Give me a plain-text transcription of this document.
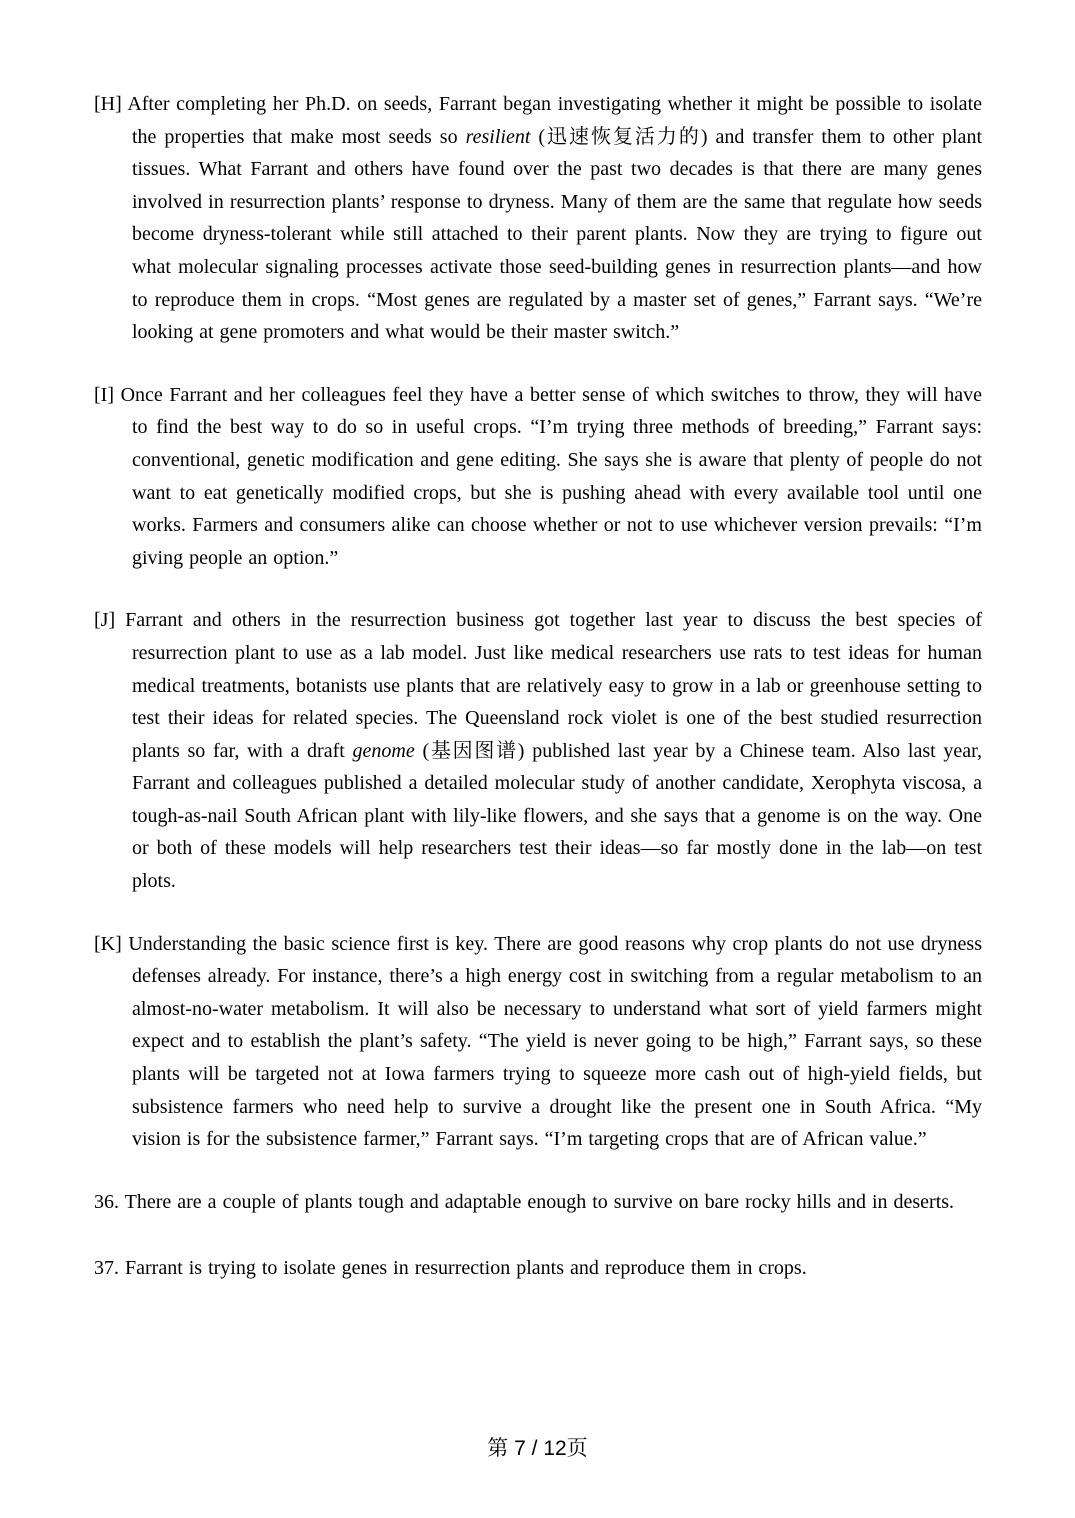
[H] After completing her Ph.D. on seeds, Farrant began investigating whether it might be possible to isolate the properties that make most seeds so resilient (迅速恢复活力的) and transfer them to other plant tissues. What Farrant and others have found over the past two decades is that there are many genes involved in resurrection plants’ response to dryness. Many of them are the same that regulate how seeds become dryness-tolerant while still attached to their parent plants. Now they are trying to figure out what molecular signaling processes activate those seed-building genes in resurrection plants—and how to reproduce them in crops. “Most genes are regulated by a master set of genes,” Farrant says. “We’re looking at gene promoters and what would be their master switch.”
[I] Once Farrant and her colleagues feel they have a better sense of which switches to throw, they will have to find the best way to do so in useful crops. “I’m trying three methods of breeding,” Farrant says: conventional, genetic modification and gene editing. She says she is aware that plenty of people do not want to eat genetically modified crops, but she is pushing ahead with every available tool until one works. Farmers and consumers alike can choose whether or not to use whichever version prevails: “I’m giving people an option.”
[J] Farrant and others in the resurrection business got together last year to discuss the best species of resurrection plant to use as a lab model. Just like medical researchers use rats to test ideas for human medical treatments, botanists use plants that are relatively easy to grow in a lab or greenhouse setting to test their ideas for related species. The Queensland rock violet is one of the best studied resurrection plants so far, with a draft genome (基因图谱) published last year by a Chinese team. Also last year, Farrant and colleagues published a detailed molecular study of another candidate, Xerophyta viscosa, a tough-as-nail South African plant with lily-like flowers, and she says that a genome is on the way. One or both of these models will help researchers test their ideas—so far mostly done in the lab—on test plots.
[K] Understanding the basic science first is key. There are good reasons why crop plants do not use dryness defenses already. For instance, there’s a high energy cost in switching from a regular metabolism to an almost-no-water metabolism. It will also be necessary to understand what sort of yield farmers might expect and to establish the plant’s safety. “The yield is never going to be high,” Farrant says, so these plants will be targeted not at Iowa farmers trying to squeeze more cash out of high-yield fields, but subsistence farmers who need help to survive a drought like the present one in South Africa. “My vision is for the subsistence farmer,” Farrant says. “I’m targeting crops that are of African value.”
36. There are a couple of plants tough and adaptable enough to survive on bare rocky hills and in deserts.
37. Farrant is trying to isolate genes in resurrection plants and reproduce them in crops.
第 7 / 12页
